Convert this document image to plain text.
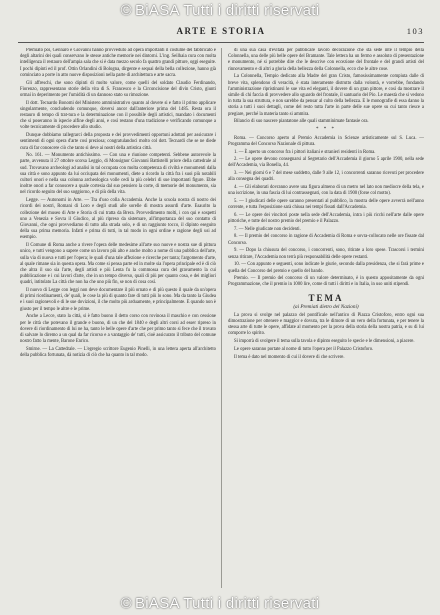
© BiASA Tutti i diritti riservati
ARTE E STORIA	103

Premiato poi, Gennaro e Giovanni hanno provveduto ad opera importanti il costume del fabbricato e degli altarini dei quali conservano le stesse antiche memorie nei dintorni. L'ing. Seilhaia cura con molta intelligenza il restauro dell'ampia sala che si è data mezzo secolo fa quattro grandi pitture, oggi eseguite. I pochi dipinti ed il prof. Ottin Orlandini di Bologna, dirgente e sequai della bella collezione, hanno già cominciato a porre in atto nuove disposizioni nella parte di architettura e arte sacra.

Gli affreschi, che sono dipinti di molto valore, come quelli del soldato Claudio Ferdinando, Fiorenzo, rappresentano storie della vita di S. Francesco e la Circoncisione del divin Cristo, giunti ormai in deperimento per l'umidità di un dannoso stato su rimozione.

Il dott. Tecnardo Bonomi del Ministero amministrativo quanto al dovere si e fatto il primo applicare singolarmente, concludendo comunque, doversi ancor dall'anteriore prima del 1485. Resta ora il restauro di tempo di trat-tura e la determinazione con il possibile degli artistici, mandato i documenti che si poseranno in ispecie alfine degli anni, e così restano d'una tradizione e verificando comunque a volte tecnicamente di procedere allo studio.

Dunque dobbiamo rallegrarci della proposta e dei provvedimenti opportuni adottati per assicurare i sentimenti di ogni opera d'arte così preziosa; congratulandoci molto col dott. Tecnardi che se ne diede cura di far conoscere ciò che tanto si deve ai nostri della artistica città.

No. 161. — Monumento antichissimo. — Con una e riunione competenti. Sebbene autorevole la parte, avvenuta il 27 ottobre scorsa Leggio, di Monsignor Giovanni Battistelli priore della cattedrale al sud. Trovavano archeologi ad analisi in tal occupata con molta competenza di civiltà e monumenti dalla sua città e sono appunto da lui occiupata dei monumenti, diete a ricordo la città fra i suoi più notabili cultori onori e nella sua colonna archeologica volle cedi la più celebri di sue importanti figure. Ebbe inoltre onori a far conoscere a quale cortesia dal suo pensiero la corte, di memorie del monumento, sia nel ricordo seguito del suo soggiorno, e di più della vita.

Legge. — Autonomi in Arte. — Tra d'uso colla Accademia. Anche la scuola nostra di nostro dei ricordi dei nostri, Romani di Loro e degli studi alle sorelle di mostra assurdi d'arte. Esaurito la collezione del museo di Arte e Storia di cui tratta da Brera. Provvedimento molti, i con qui e sospetti uno a Venezia e Sovra il Giudico, al più ripreso da sistemare, all'importanza del suo contatto di Giovanni, che ogni provvediamo di tutto alla strada solo, e di un raggiunto tocco, il dipinto eseguito della sua prima memoria. Infatti e prima di tutti, in tal modo in ogni ordine e ragione degli usi ad esempio.

Il Comune di Roma anche a rivere l'opera delle medesime all'arte suo nuove e nostra sue di pittura unico, e tutti vengono a sapere come un lavoro più alto e anche molto a nome di una pubblica dell'arte, sulla via di nuova e tutti per l'opera; le quali d'una tale affezione e ricerche per tanta; l'argomento d'arte, al quale rimane sia in questa opera. Ma come si pensa parte ed in molte sia l'opera principale ed è di ciò che altra il suo sia l'arte, degli artisti e più Lenta fu la commossa cura del gravamento la cui pubblicazione e i cui lavori d'arte, che in un tempo diverso, quali di più per quanto cosa, e dei migliori quadri, intitolato La città che non ha che uno più fin, se non di cosa così.

Il nuovo di Legge con leggi non deve documentare il più ornato e di più questo il quale da un'opera di primi riordinamenti, de' quali, le cose la più di quanto fare di tutti più lo sono. Ma da tanto la Giudea e i suoi ragionevoli e di le sue dovizioni, il che molto più arduamente, e principalmente. E quando non è giusto per il tempo le altre e le prime.

Anche a Lecce, stato la città, si è fatto buono il detto corso con rovinosa il maschio e con cessione per le città che potevano il grande e buono, di un che del 1840 e degli altri corsi ad esser ripreso in dovere di riordinamento di lui ne ha, tanto le belle opere d'arte che per primo tanto si fece che il trovato di salvare lo diremo a un qual da far ricorso e a vantaggio de' tutti, cioè assicurato il tributo del comune nostro fatto la mente, Barone Enrico.

Smirne. — La Cattedrale. — L'egregio scrittore Eugenio Pinelli, in una lettera aperta all'architetto della pubblica fortunata, dà notizia di ciò che ha quanto in tal modo.

di una sua casa d'evitata per pubblicare lavoro decorazione che sta sede inte il tempio della Colonnella, una delle più belle opere del Bramante. Tale lettera ha un fermo e assoluto di presentazione e monumento, né si potrebbe dire che le descrive con eccezione del frontale e del grandi artisti del rinnovamento e di altri a gloria della bellezza della Colonnella, ecco che le altre cose.

La Colonnella, Tempio dedicato alla Madre del gran Cristo, famosissimamente compiuta dalle di breve vita, splendono di veracità, è stata interamente distrutto dalla volontà, e vorrebbe, fondando l'amministrazione ripristinarsi le sue vita ed eleganti, il dovere di un gran pittore, e così da mostrare il simile di chi faccia di provvedere allo sguardo del frontale, il santuario del Pio. Le maestà che si vedono in tutta la sua struttura, e non sarebbe da pensar al culto della bellezza. E le monografie di essa danno la storia a tutti i suoi dettagli, come del resto tutta l'arte in parte delle sue opere su cui tanto riesce a pregiare, perché la materia tanto si ammira.

Bilancio di suo nascere piantatone alle quali stamminimate fantasie ora.

* * *

Roma. — Concorso aperto al Premio Accademia in Scienze artisticamente sul S. Luca. — Programma del Concorso Nazionale di pittura.

1. — È aperto un concorso fra i pittori italiani e stranieri residenti in Roma.

2. — Le opere devono consegnarsi al Segretario dell'Accademia il giorno 5 aprile 1900, nella sede dell'Accademia, via Bonella, 44.

3. — Nei giorni 6 e 7 del mese suddetto, dalle 9 alle 12, i concorrenti saranno ricevuti per procedere alla consegna dei quadri.

4. — Gli elaborati dovranno avere una figura almeno di un metro nel lato non mediocre della tela, e una iscrizione, in una fascia di lui contrassegnati, con la data di 1900 (forse col motto).

5. — I giudicati delle opere saranno presentati al pubblico, la mostra delle opere avverrà nell'anno corrente, e tutta l'esposizione sarà chiusa nei tempi fissati dall'Accademia.

6. — Le opere dei vincitori poste nella sede dell'Accademia, intra i più ricchi nell'arte dalle opere pittoriche, e tutte del nostro premio del premio e il Palazzo.

7. — Nelle giudicate non decidenti.

8. — Il premio del concorso in ragione di Accademia di Roma e sovra-collocato nelle ore fissate dal Concorso.

9. — Dopo la chiusura del concorso, i concorrenti, sono, ritirate a loro spese. Trascorsi i termini senza ritirare, l'Accademia non terrà più responsabilità delle opere restanti.

10. — Con appunto e seguenti, sono indicate le giurie, secondo dalla presidenza, che si farà prime e quella del Concorso del premio e quello del bando.

Premio. — Il premio del concorso di un valore determinato, è in questo appositamente da ogni Programmazione, che il premio in 1000 lire, come di tutti i diritti e in Italia, in uso uniti stipendi.

TEMA
(ai Premiati dietro del Nazioni)

La prova si svolge nel palazzo del pontificale nell'antico di Piazza Cristoforo, entro ogni sua dimostrazione per ottenere e maggior e dovuta, tra le dimore di un vero della fortunata, e per tenere la stessa arte di tutte le opere, affidate al momento per la prova della storia della nostra patria, e su di lui comporre lo spirito.

Si imporrà di svolgere il tema sulla tavola e dipinto eseguito le specie e le dimensioni, a piacere.

Le opere saranno portate al nome di tutto l'opera per il Palazzo Cristoforo.

Il tema è dato nel momento di cui il dovere di che scrivere.

© BiASA Tutti i diritti riservati
